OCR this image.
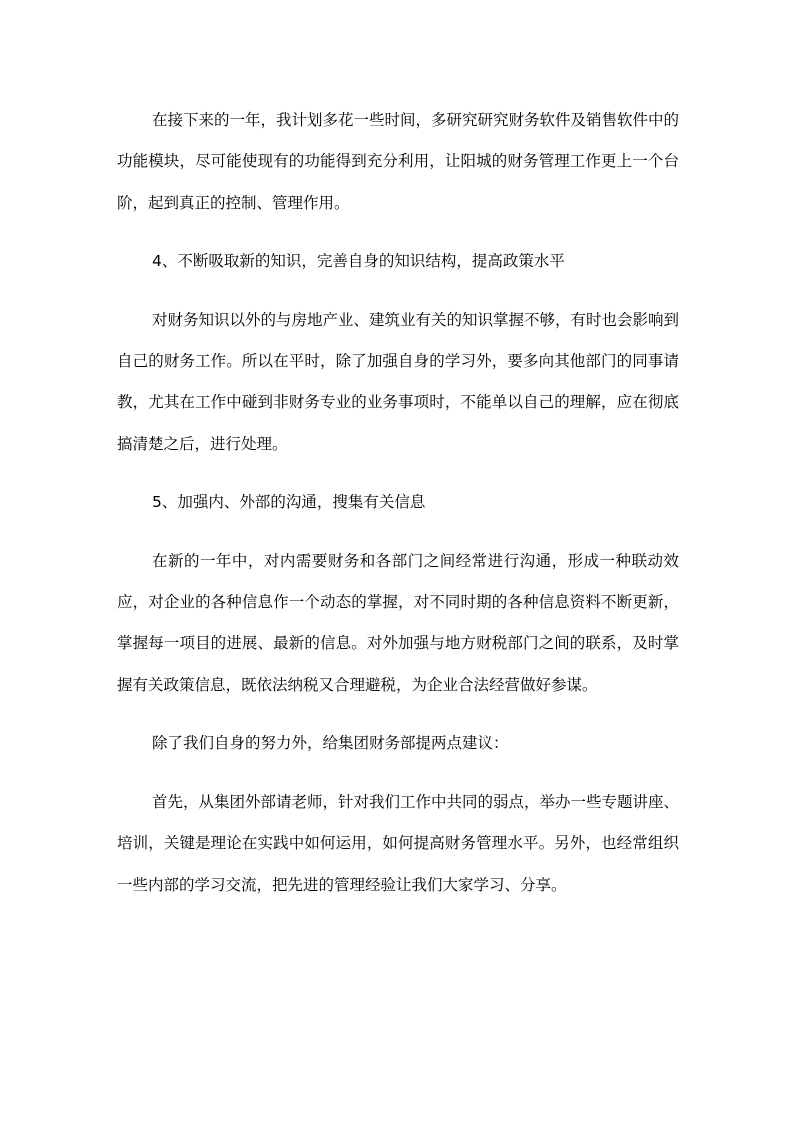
在接下来的一年，我计划多花一些时间，多研究研究财务软件及销售软件中的功能模块，尽可能使现有的功能得到充分利用，让阳城的财务管理工作更上一个台阶，起到真正的控制、管理作用。

4、不断吸取新的知识，完善自身的知识结构，提高政策水平

对财务知识以外的与房地产业、建筑业有关的知识掌握不够，有时也会影响到自己的财务工作。所以在平时，除了加强自身的学习外，要多向其他部门的同事请教，尤其在工作中碰到非财务专业的业务事项时，不能单以自己的理解，应在彻底搞清楚之后，进行处理。

5、加强内、外部的沟通，搜集有关信息

在新的一年中，对内需要财务和各部门之间经常进行沟通，形成一种联动效应，对企业的各种信息作一个动态的掌握，对不同时期的各种信息资料不断更新，掌握每一项目的进展、最新的信息。对外加强与地方财税部门之间的联系，及时掌握有关政策信息，既依法纳税又合理避税，为企业合法经营做好参谋。

除了我们自身的努力外，给集团财务部提两点建议：

首先，从集团外部请老师，针对我们工作中共同的弱点，举办一些专题讲座、培训，关键是理论在实践中如何运用，如何提高财务管理水平。另外，也经常组织一些内部的学习交流，把先进的管理经验让我们大家学习、分享。
